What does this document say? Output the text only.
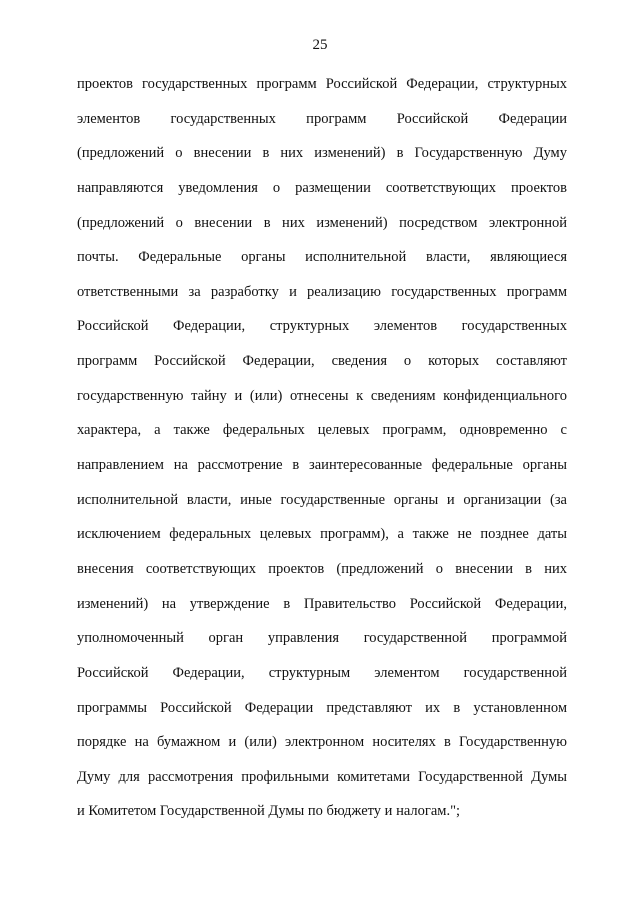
25
проектов государственных программ Российской Федерации, структурных
элементов государственных программ Российской Федерации
(предложений о внесении в них изменений) в Государственную Думу
направляются уведомления о размещении соответствующих проектов
(предложений о внесении в них изменений) посредством электронной
почты. Федеральные органы исполнительной власти, являющиеся
ответственными за разработку и реализацию государственных программ
Российской Федерации, структурных элементов государственных
программ Российской Федерации, сведения о которых составляют
государственную тайну и (или) отнесены к сведениям конфиденциального
характера, а также федеральных целевых программ, одновременно с
направлением на рассмотрение в заинтересованные федеральные органы
исполнительной власти, иные государственные органы и организации (за
исключением федеральных целевых программ), а также не позднее даты
внесения соответствующих проектов (предложений о внесении в них
изменений) на утверждение в Правительство Российской Федерации,
уполномоченный орган управления государственной программой
Российской Федерации, структурным элементом государственной
программы Российской Федерации представляют их в установленном
порядке на бумажном и (или) электронном носителях в Государственную
Думу для рассмотрения профильными комитетами Государственной Думы
и Комитетом Государственной Думы по бюджету и налогам.";
